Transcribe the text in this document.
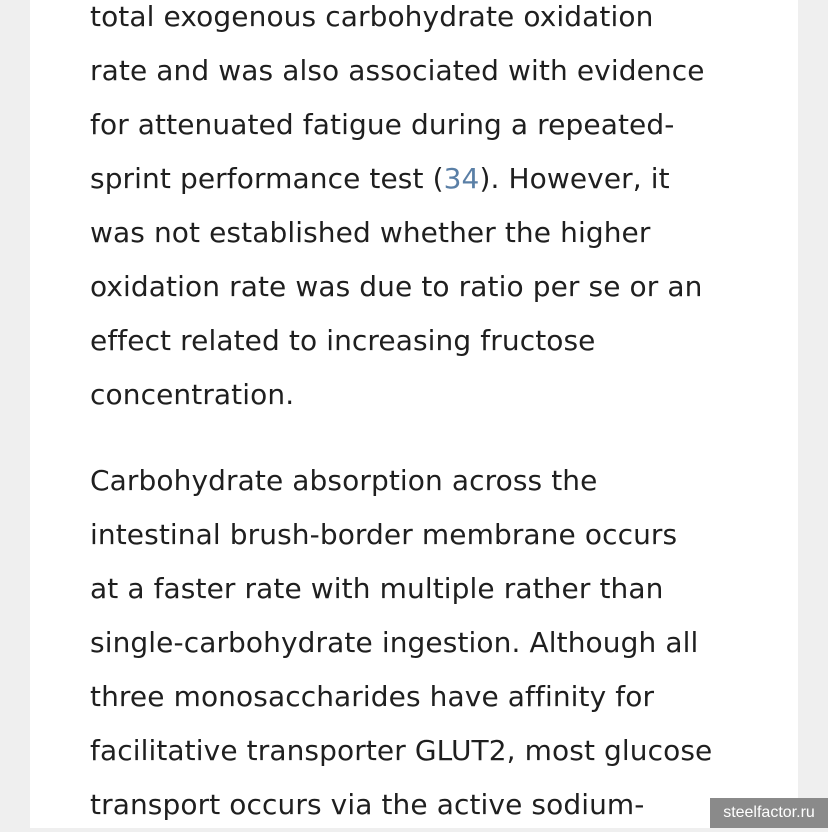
total exogenous carbohydrate oxidation
rate and was also associated with evidence
for attenuated fatigue during a repeated-
sprint performance test (34). However, it
was not established whether the higher
oxidation rate was due to ratio per se or an
effect related to increasing fructose
concentration.

Carbohydrate absorption across the
intestinal brush-border membrane occurs
at a faster rate with multiple rather than
single-carbohydrate ingestion. Although all
three monosaccharides have affinity for
facilitative transporter GLUT2, most glucose
transport occurs via the active sodium-	steelfactor.ru
